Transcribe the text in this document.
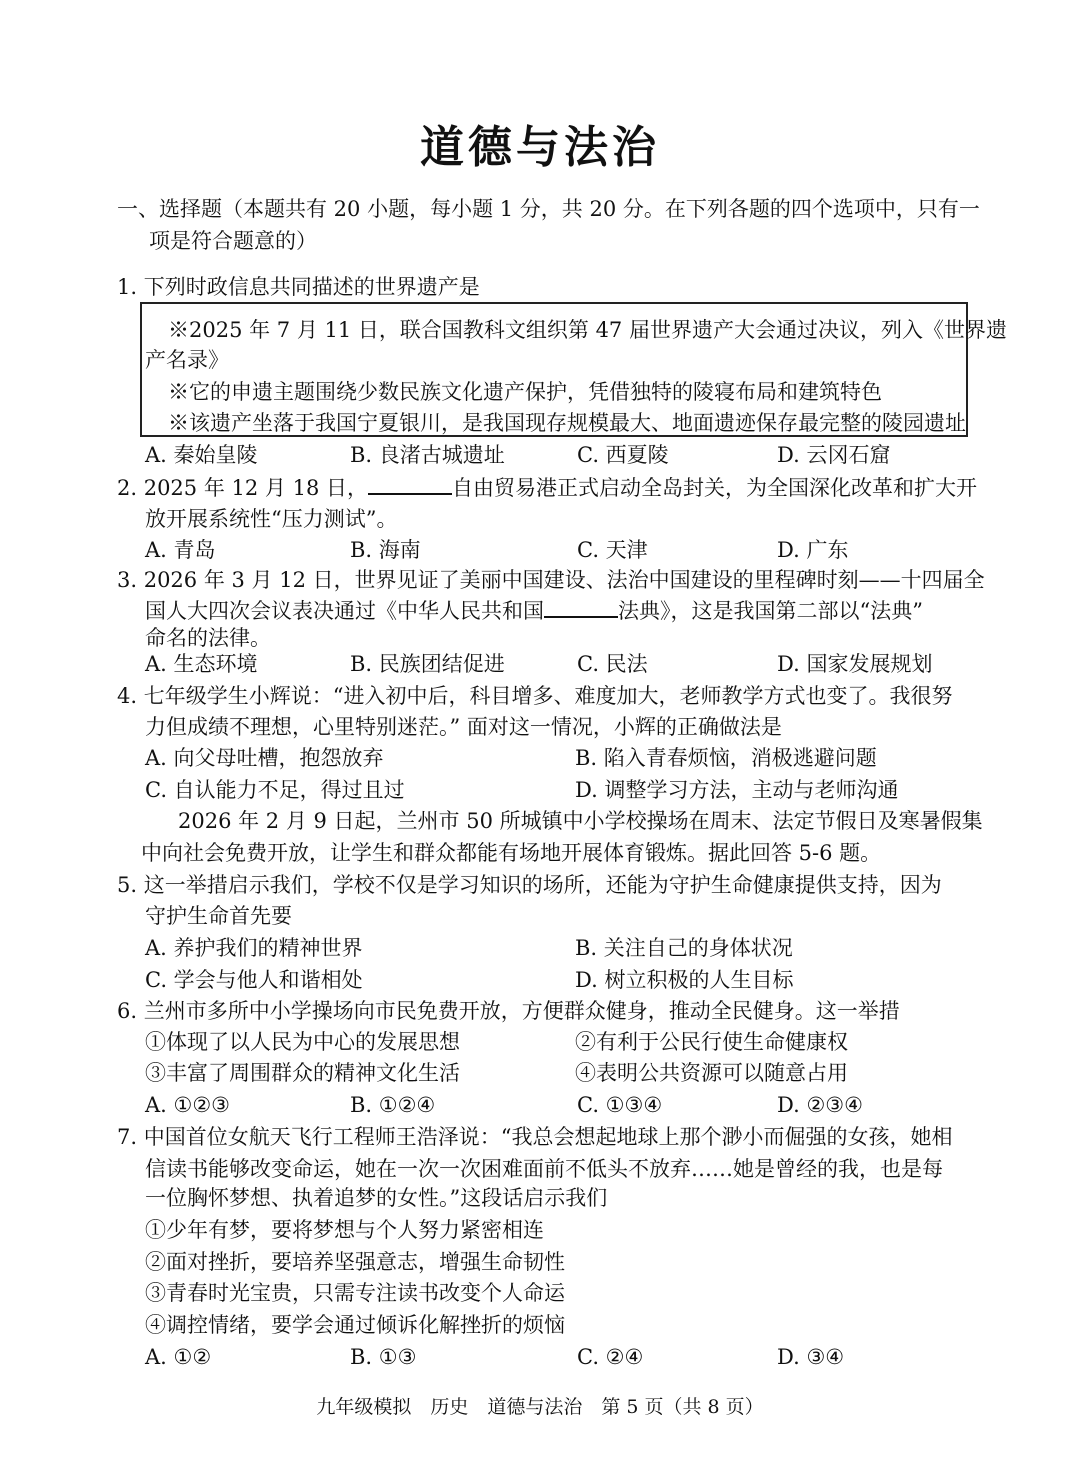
道德与法治
一、选择题（本题共有 20 小题，每小题 1 分，共 20 分。在下列各题的四个选项中，只有一
项是符合题意的）
1. 下列时政信息共同描述的世界遗产是
※2025 年 7 月 11 日，联合国教科文组织第 47 届世界遗产大会通过决议，列入《世界遗
产名录》
※它的申遗主题围绕少数民族文化遗产保护，凭借独特的陵寝布局和建筑特色
※该遗产坐落于我国宁夏银川，是我国现存规模最大、地面遗迹保存最完整的陵园遗址
A. 秦始皇陵	B. 良渚古城遗址	C. 西夏陵	D. 云冈石窟
2. 2025 年 12 月 18 日，	自由贸易港正式启动全岛封关，为全国深化改革和扩大开
放开展系统性“压力测试”。
A. 青岛	B. 海南	C. 天津	D. 广东
3. 2026 年 3 月 12 日，世界见证了美丽中国建设、法治中国建设的里程碑时刻——十四届全
国人大四次会议表决通过《中华人民共和国	法典》，这是我国第二部以“法典”
命名的法律。
A. 生态环境	B. 民族团结促进	C. 民法	D. 国家发展规划
4. 七年级学生小辉说：“进入初中后，科目增多、难度加大，老师教学方式也变了。我很努
力但成绩不理想，心里特别迷茫。” 面对这一情况，小辉的正确做法是
A. 向父母吐槽，抱怨放弃	B. 陷入青春烦恼，消极逃避问题
C. 自认能力不足，得过且过	D. 调整学习方法，主动与老师沟通
2026 年 2 月 9 日起，兰州市 50 所城镇中小学校操场在周末、法定节假日及寒暑假集
中向社会免费开放，让学生和群众都能有场地开展体育锻炼。据此回答 5-6 题。
5. 这一举措启示我们，学校不仅是学习知识的场所，还能为守护生命健康提供支持，因为
守护生命首先要
A. 养护我们的精神世界	B. 关注自己的身体状况
C. 学会与他人和谐相处	D. 树立积极的人生目标
6. 兰州市多所中小学操场向市民免费开放，方便群众健身，推动全民健身。这一举措
①体现了以人民为中心的发展思想	②有利于公民行使生命健康权
③丰富了周围群众的精神文化生活	④表明公共资源可以随意占用
A. ①②③	B. ①②④	C. ①③④	D. ②③④
7. 中国首位女航天飞行工程师王浩泽说：“我总会想起地球上那个渺小而倔强的女孩，她相
信读书能够改变命运，她在一次一次困难面前不低头不放弃……她是曾经的我，也是每
一位胸怀梦想、执着追梦的女性。”这段话启示我们
①少年有梦，要将梦想与个人努力紧密相连
②面对挫折，要培养坚强意志，增强生命韧性
③青春时光宝贵，只需专注读书改变个人命运
④调控情绪，要学会通过倾诉化解挫折的烦恼
A. ①②	B. ①③	C. ②④	D. ③④
九年级模拟　历史　道德与法治　第 5 页（共 8 页）
